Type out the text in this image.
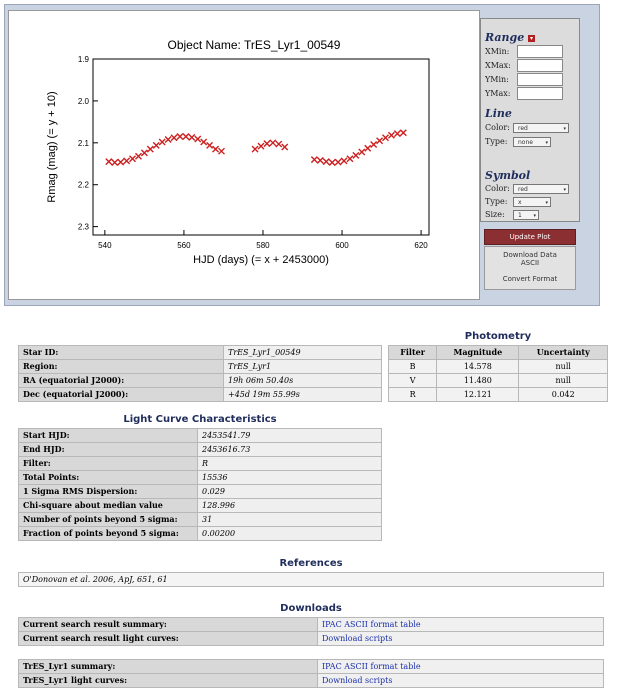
Object Name: TrES_Lyr1_00549
540	560	580	600	620
1.9
2.0
2.1
2.2
2.3
HJD (days) (= x + 2453000)
Rmag (mag) (= y + 10)
Range ▾
XMin:
XMax:
YMin:
YMax:
Line
Color:	red	▾
Type:	none	▾
Symbol
Color:	red	▾
Type:	x	▾
Size:	1 ▾
Update Plot
Download Data
ASCII
Convert Format
Star ID:	TrES_Lyr1_00549
Region:	TrES_Lyr1
RA (equatorial J2000):	19h 06m 50.40s
Dec (equatorial J2000):	+45d 19m 55.99s
Photometry
Filter	Magnitude	Uncertainty
B	14.578	null
V	11.480	null
R	12.121	0.042
Light Curve Characteristics
Start HJD:	2453541.79
End HJD:	2453616.73
Filter:	R
Total Points:	15536
1 Sigma RMS Dispersion:	0.029
Chi-square about median value	128.996
Number of points beyond 5 sigma:	31
Fraction of points beyond 5 sigma:	0.00200
References
O'Donovan et al. 2006, ApJ, 651, 61
Downloads
Current search result summary:	IPAC ASCII format table
Current search result light curves:	Download scripts
TrES_Lyr1 summary:	IPAC ASCII format table
TrES_Lyr1 light curves:	Download scripts
